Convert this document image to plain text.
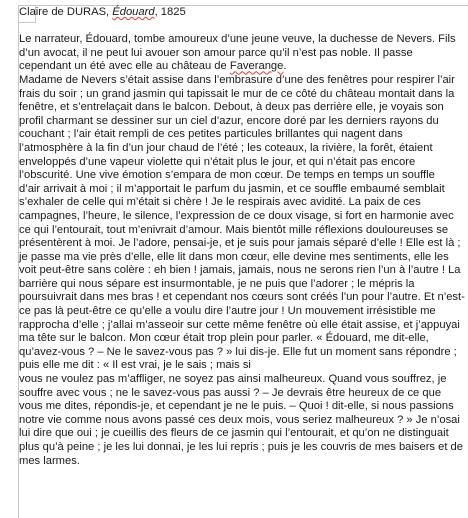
Claire de DURAS, Édouard, 1825

Le narrateur, Édouard, tombe amoureux d’une jeune veuve, la duchesse de Nevers. Fils d’un avocat, il ne peut lui avouer son amour parce qu’il n’est pas noble. Il passe cependant un été avec elle au château de Faverange.

Madame de Nevers s’était assise dans l’embrasure d’une des fenêtres pour respirer l’air frais du soir ; un grand jasmin qui tapissait le mur de ce côté du château montait dans la fenêtre, et s’entrelaçait dans le balcon. Debout, à deux pas derrière elle, je voyais son profil charmant se dessiner sur un ciel d’azur, encore doré par les derniers rayons du couchant ; l’air était rempli de ces petites particules brillantes qui nagent dans l’atmosphère à la fin d’un jour chaud de l’été ; les coteaux, la rivière, la forêt, étaient enveloppés d’une vapeur violette qui n’était plus le jour, et qui n’était pas encore l’obscurité. Une vive émotion s’empara de mon cœur. De temps en temps un souffle

d’air arrivait à moi ; il m’apportait le parfum du jasmin, et ce souffle embaumé semblait s’exhaler de celle qui m’était si chère ! Je le respirais avec avidité. La paix de ces campagnes, l’heure, le silence, l’expression de ce doux visage, si fort en harmonie avec ce qui l’entourait, tout m’enivrait d’amour. Mais bientôt mille réflexions douloureuses se présentèrent à moi. Je l’adore, pensai-je, et je suis pour jamais séparé d’elle ! Elle est là ; je passe ma vie près d’elle, elle lit dans mon cœur, elle devine mes sentiments, elle les voit peut-être sans colère : eh bien ! jamais, jamais, nous ne serons rien l’un à l’autre ! La barrière qui nous sépare est insurmontable, je ne puis que l’adorer ; le mépris la poursuivrait dans mes bras ! et cependant nos cœurs sont créés l’un pour l’autre. Et n’est-ce pas là peut-être ce qu’elle a voulu dire l’autre jour ! Un mouvement irrésistible me rapprocha d’elle ; j’allai m’asseoir sur cette même fenêtre où elle était assise, et j’appuyai ma tête sur le balcon. Mon cœur était trop plein pour parler. « Édouard, me dit-elle, qu’avez-vous ? – Ne le savez-vous pas ? » lui dis-je. Elle fut un moment sans répondre ; puis elle me dit : « Il est vrai, je le sais ; mais si

vous ne voulez pas m’affliger, ne soyez pas ainsi malheureux. Quand vous souffrez, je souffre avec vous ; ne le savez-vous pas aussi ? – Je devrais être heureux de ce que vous me dites, répondis-je, et cependant je ne le puis. – Quoi ! dit-elle, si nous passions notre vie comme nous avons passé ces deux mois, vous seriez malheureux ? » Je n’osai lui dire que oui ; je cueillis des fleurs de ce jasmin qui l’entourait, et qu’on ne distinguait plus qu’à peine ; je les lui donnai, je les lui repris ; puis je les couvris de mes baisers et de mes larmes.
